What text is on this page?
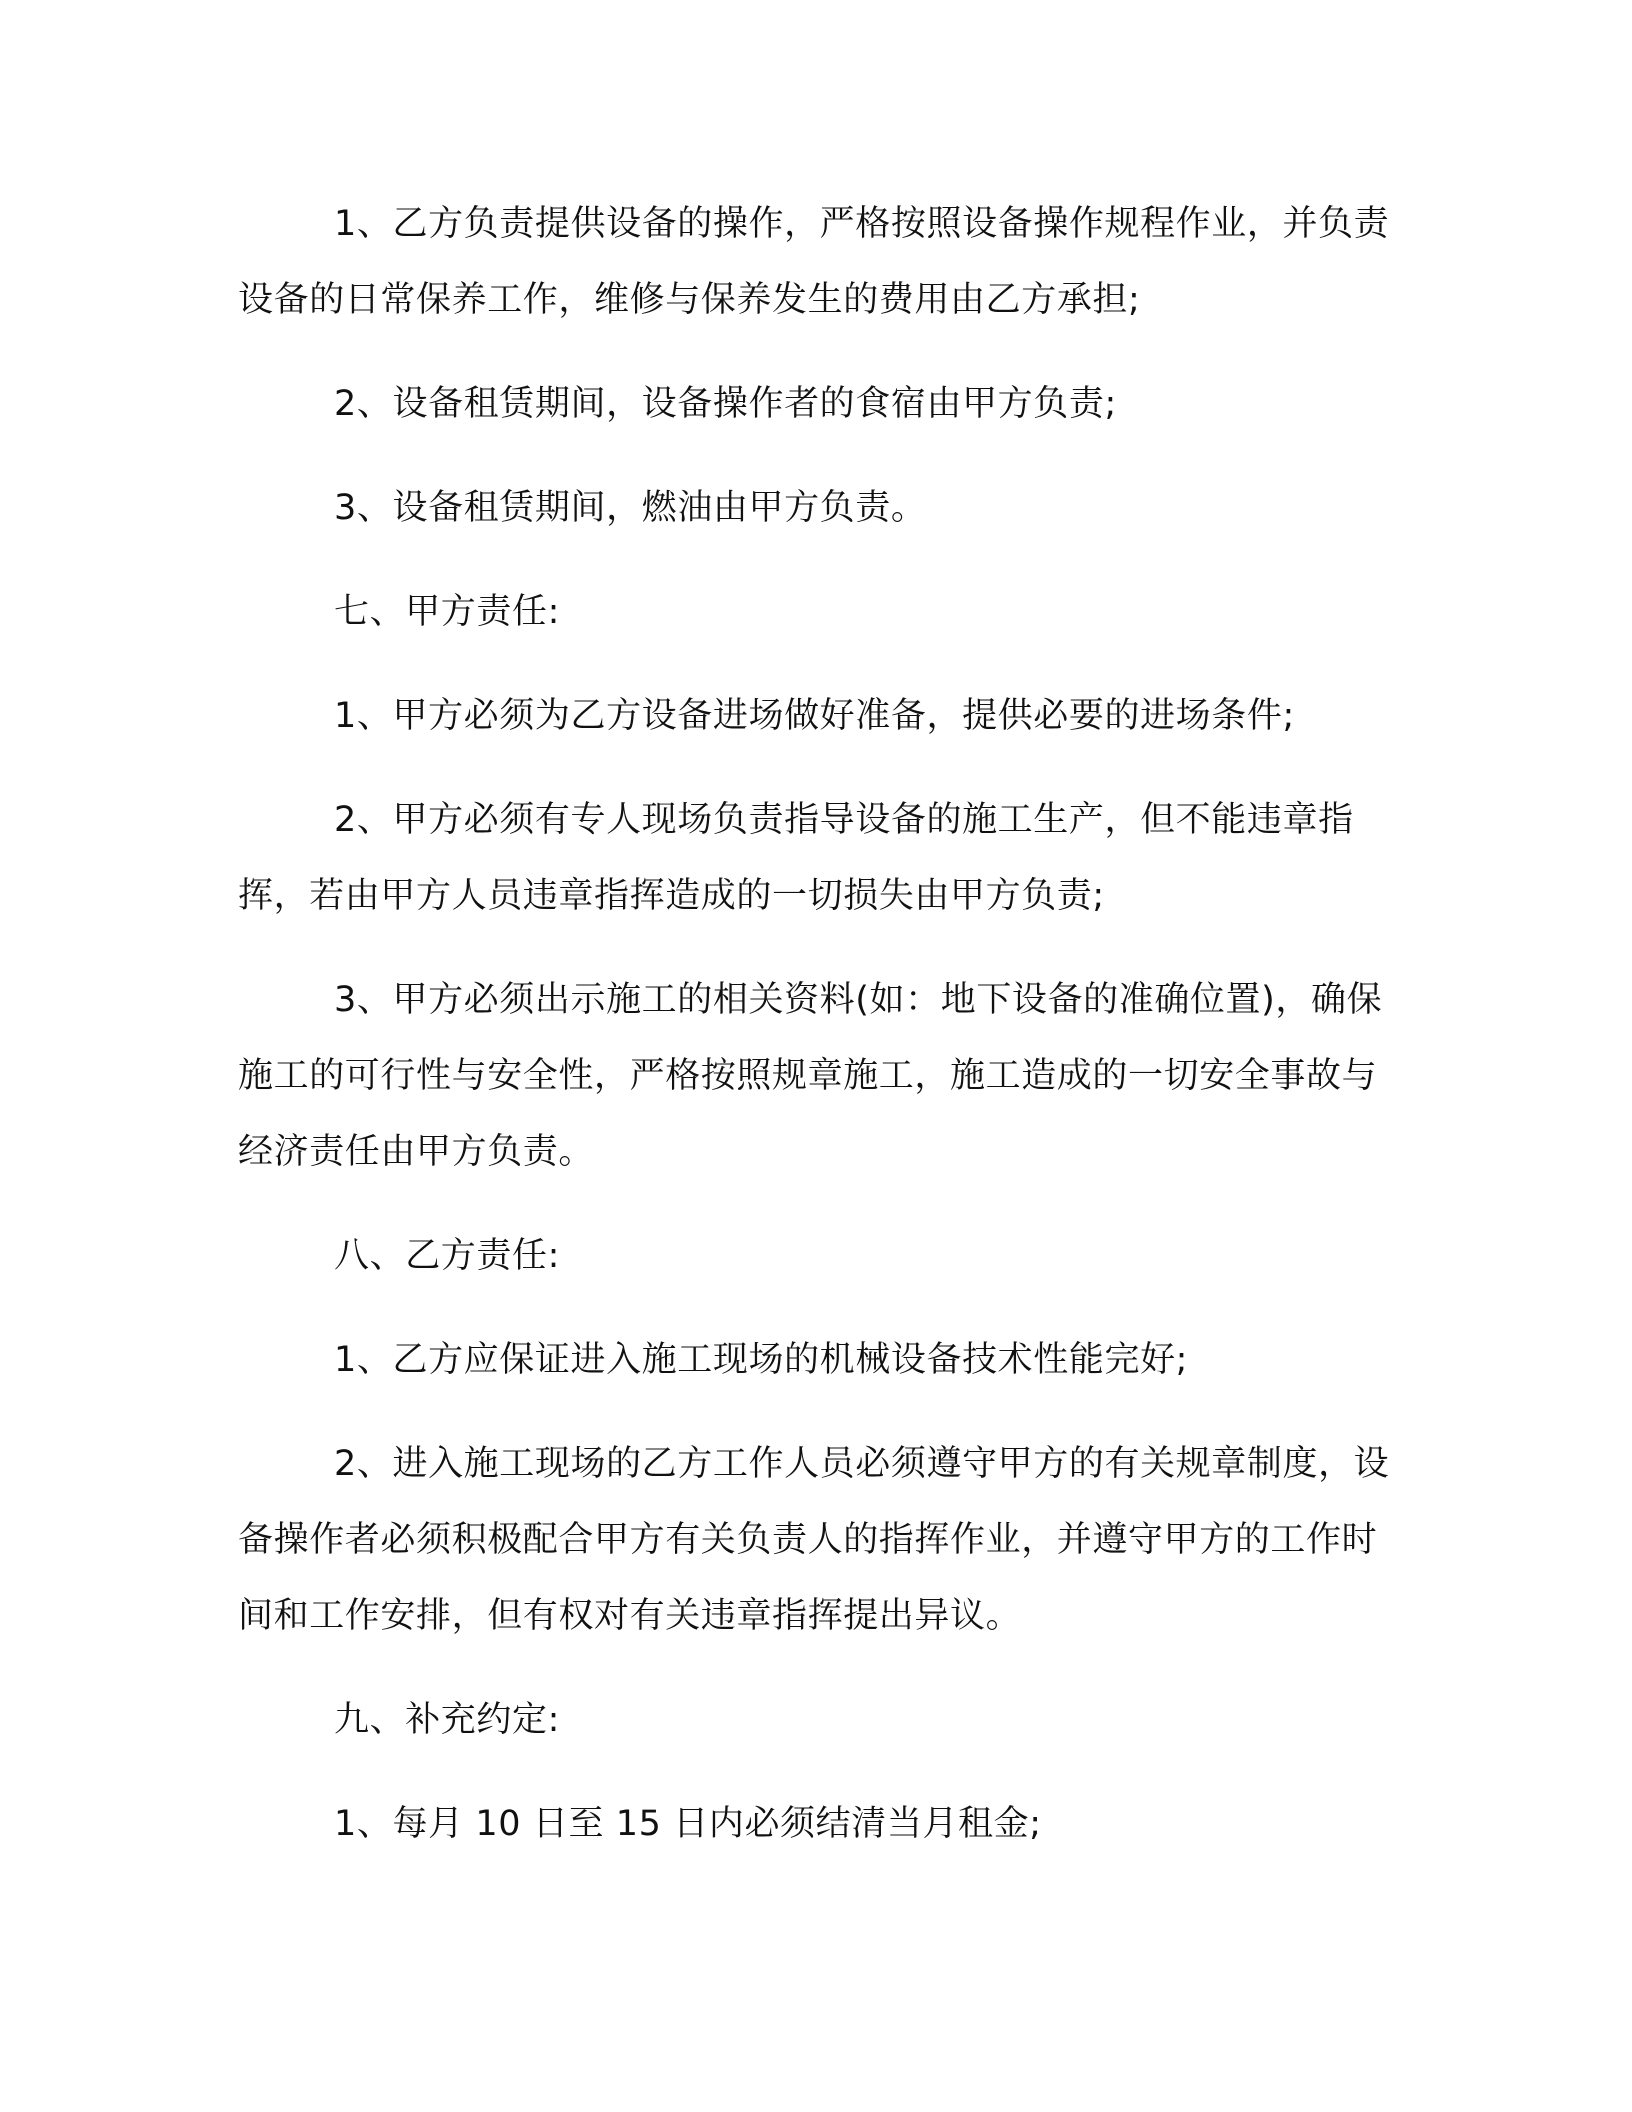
1、乙方负责提供设备的操作，严格按照设备操作规程作业，并负责设备的日常保养工作，维修与保养发生的费用由乙方承担;

2、设备租赁期间，设备操作者的食宿由甲方负责;

3、设备租赁期间，燃油由甲方负责。

七、甲方责任:

1、甲方必须为乙方设备进场做好准备，提供必要的进场条件;

2、甲方必须有专人现场负责指导设备的施工生产，但不能违章指挥，若由甲方人员违章指挥造成的一切损失由甲方负责;

3、甲方必须出示施工的相关资料(如：地下设备的准确位置)，确保施工的可行性与安全性，严格按照规章施工，施工造成的一切安全事故与经济责任由甲方负责。

八、乙方责任:

1、乙方应保证进入施工现场的机械设备技术性能完好;

2、进入施工现场的乙方工作人员必须遵守甲方的有关规章制度，设备操作者必须积极配合甲方有关负责人的指挥作业，并遵守甲方的工作时间和工作安排，但有权对有关违章指挥提出异议。

九、补充约定:

1、每月 10 日至 15 日内必须结清当月租金;
